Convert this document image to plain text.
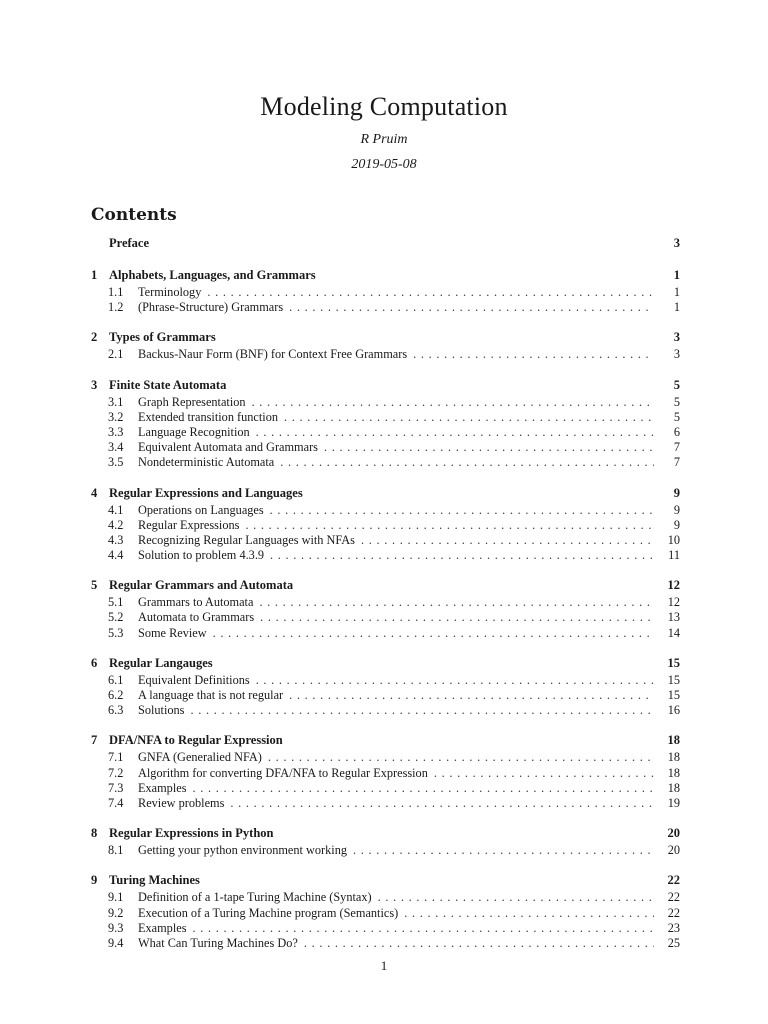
Modeling Computation
R Pruim
2019-05-08
Contents
Preface	3
1 Alphabets, Languages, and Grammars	1
1.1	Terminology . . .	1
1.2	(Phrase-Structure) Grammars . . .	1
2 Types of Grammars	3
2.1	Backus-Naur Form (BNF) for Context Free Grammars . . .	3
3 Finite State Automata	5
3.1	Graph Representation . . .	5
3.2	Extended transition function . . .	5
3.3	Language Recognition . . .	6
3.4	Equivalent Automata and Grammars . . .	7
3.5	Nondeterministic Automata . . .	7
4 Regular Expressions and Languages	9
4.1	Operations on Languages . . .	9
4.2	Regular Expressions . . .	9
4.3	Recognizing Regular Languages with NFAs . . .	10
4.4	Solution to problem 4.3.9 . . .	11
5 Regular Grammars and Automata	12
5.1	Grammars to Automata . . .	12
5.2	Automata to Grammars . . .	13
5.3	Some Review . . .	14
6 Regular Langauges	15
6.1	Equivalent Definitions . . .	15
6.2	A language that is not regular . . .	15
6.3	Solutions . . .	16
7 DFA/NFA to Regular Expression	18
7.1	GNFA (Generalied NFA) . . .	18
7.2	Algorithm for converting DFA/NFA to Regular Expression . . .	18
7.3	Examples . . .	18
7.4	Review problems . . .	19
8 Regular Expressions in Python	20
8.1	Getting your python environment working . . .	20
9 Turing Machines	22
9.1	Definition of a 1-tape Turing Machine (Syntax) . . .	22
9.2	Execution of a Turing Machine program (Semantics) . . .	22
9.3	Examples . . .	23
9.4	What Can Turing Machines Do? . . .	25
1
